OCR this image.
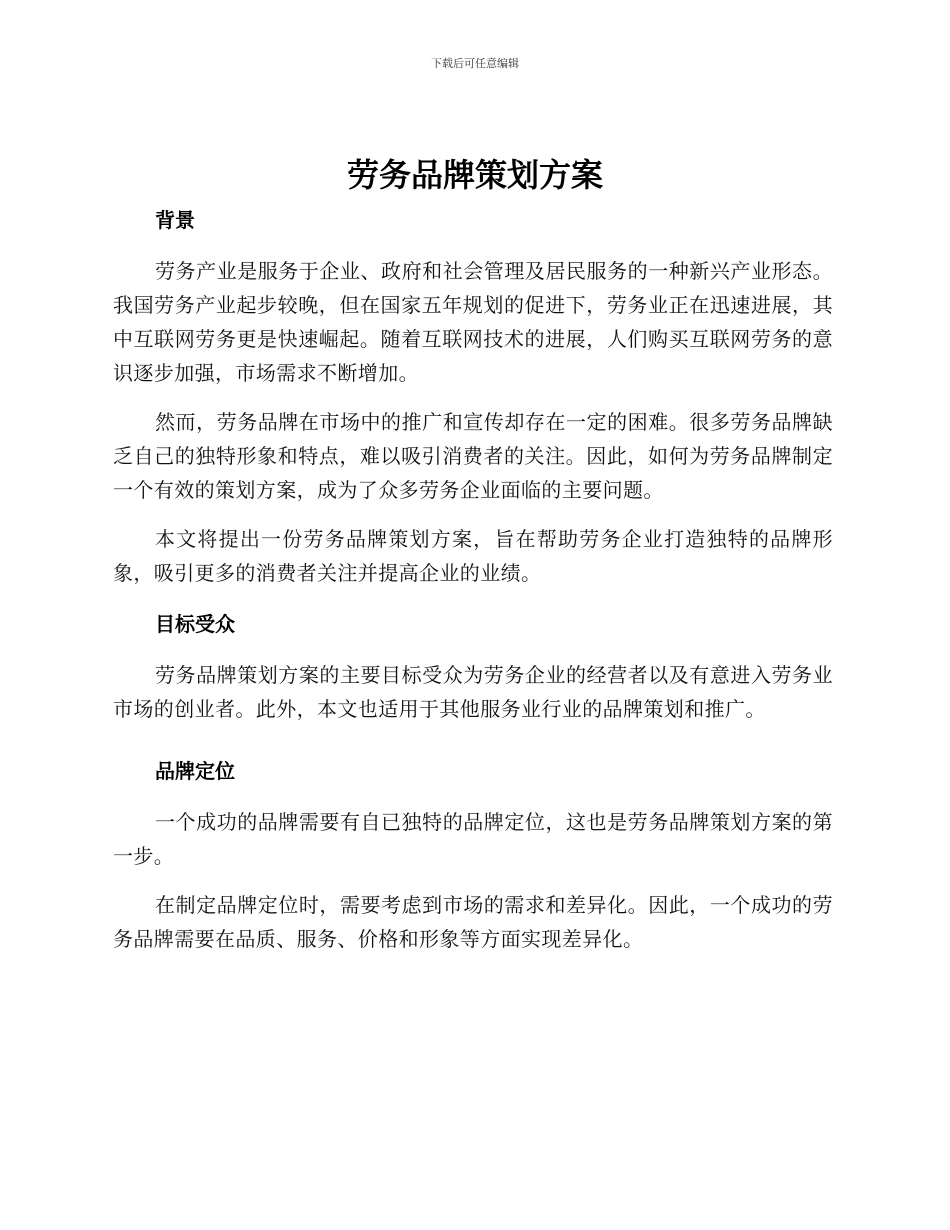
下载后可任意编辑
劳务品牌策划方案
背景

劳务产业是服务于企业、政府和社会管理及居民服务的一种新兴产业形态。我国劳务产业起步较晚，但在国家五年规划的促进下，劳务业正在迅速进展，其中互联网劳务更是快速崛起。随着互联网技术的进展，人们购买互联网劳务的意识逐步加强，市场需求不断增加。

然而，劳务品牌在市场中的推广和宣传却存在一定的困难。很多劳务品牌缺乏自己的独特形象和特点，难以吸引消费者的关注。因此，如何为劳务品牌制定一个有效的策划方案，成为了众多劳务企业面临的主要问题。

本文将提出一份劳务品牌策划方案，旨在帮助劳务企业打造独特的品牌形象，吸引更多的消费者关注并提高企业的业绩。

目标受众

劳务品牌策划方案的主要目标受众为劳务企业的经营者以及有意进入劳务业市场的创业者。此外，本文也适用于其他服务业行业的品牌策划和推广。

品牌定位

一个成功的品牌需要有自已独特的品牌定位，这也是劳务品牌策划方案的第一步。

在制定品牌定位时，需要考虑到市场的需求和差异化。因此，一个成功的劳务品牌需要在品质、服务、价格和形象等方面实现差异化。
